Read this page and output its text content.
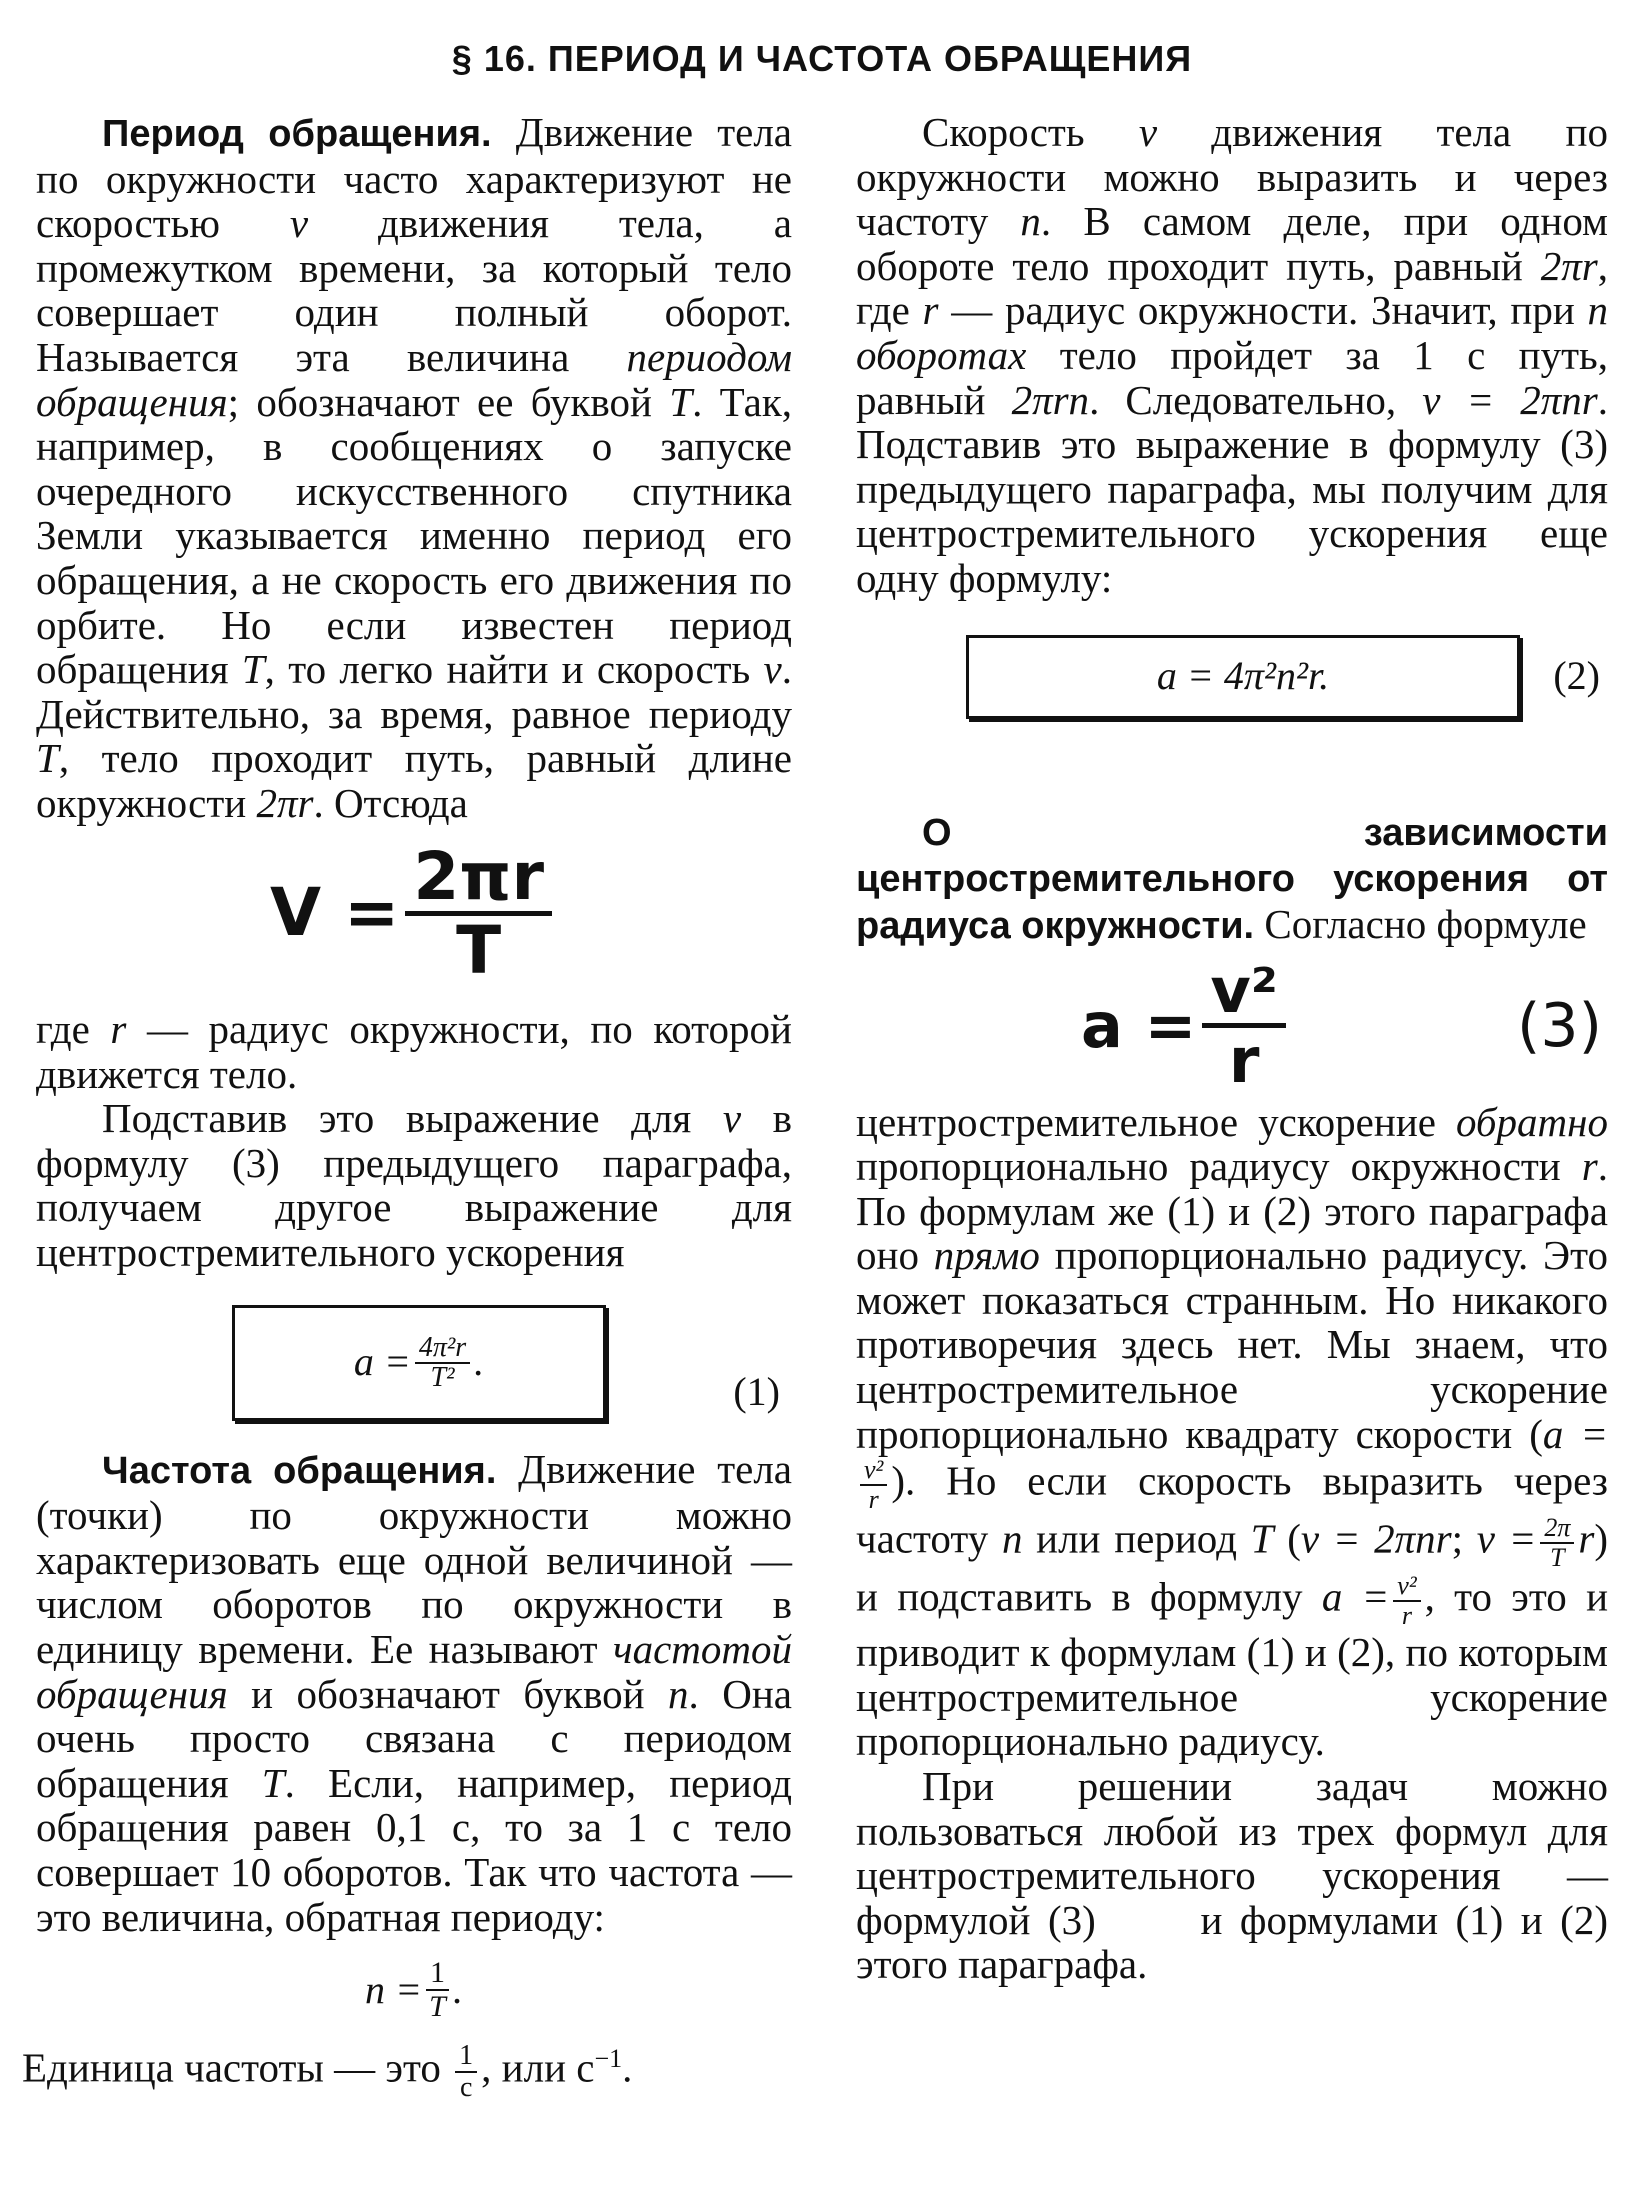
§ 16. ПЕРИОД И ЧАСТОТА ОБРАЩЕНИЯ

Период обращения. Движение тела по окружности часто характеризуют не скоростью v движения тела, а промежутком времени, за который тело совершает один полный оборот. Называется эта величина периодом обращения; обозначают ее буквой T. Так, например, в сообщениях о запуске очередного искусственного спутника Земли указывается именно период его обращения, а не скорость его движения по орбите. Но если известен период обращения T, то легко найти и скорость v. Действительно, за время, равное периоду T, тело проходит путь, равный длине окружности 2πr. Отсюда

$V = \frac{2\pi r}{T}$

где r — радиус окружности, по которой движется тело.

Подставив это выражение для v в формулу (3) предыдущего параграфа, получаем другое выражение для центростремительного ускорения

$a = \frac{\text{4π²r}}{\text{T²}}$ .
(1)

Частота обращения. Движение тела (точки) по окружности можно характеризовать еще одной величиной — числом оборотов по окружности в единицу времени. Ее называют частотой обращения и обозначают буквой n. Она очень просто связана с периодом обращения T. Если, например, период обращения равен 0,1 с, то за 1 с тело совершает 10 оборотов. Так что частота — это величина, обратная периоду:

$n = \frac{1}{T}$ .

Единица частоты — это $\frac{1}{с}$ , или $с^{-1}$.

Скорость v движения тела по окружности можно выразить и через частоту n. В самом деле, при одном обороте тело проходит путь, равный 2πr, где r — радиус окружности. Значит, при n оборотах тело пройдет за 1 с путь, равный 2πrn. Следовательно, v = 2πnr. Подставив это выражение в формулу (3) предыдущего параграфа, мы получим для центростремительного ускорения еще одну формулу:

a = 4π²n²r.	(2)

О зависимости центростремительного ускорения от радиуса окружности. Согласно формуле

$a = \frac{\text{v²}}{r}$	(3)

центростремительное ускорение обратно пропорционально радиусу окружности r. По формулам же (1) и (2) этого параграфа оно прямо пропорционально радиусу. Это может показаться странным. Но никакого противоречия здесь нет. Мы знаем, что центростремительное ускорение пропорционально квадрату скорости (a =
$\frac{\text{v²}}{r}$ ). Но если скорость выразить через частоту n или период T (v = 2πnr; $v = \frac{2\pi}{T} r$) и подставить в формулу $a = \frac{\text{v²}}{r}$ , то это и приводит к формулам (1) и (2), по которым центростремительное ускорение пропорционально радиусу.

При решении задач можно пользоваться любой из трех формул для центростремительного ускорения — формулой (3)      и формулами (1) и (2) этого параграфа.
